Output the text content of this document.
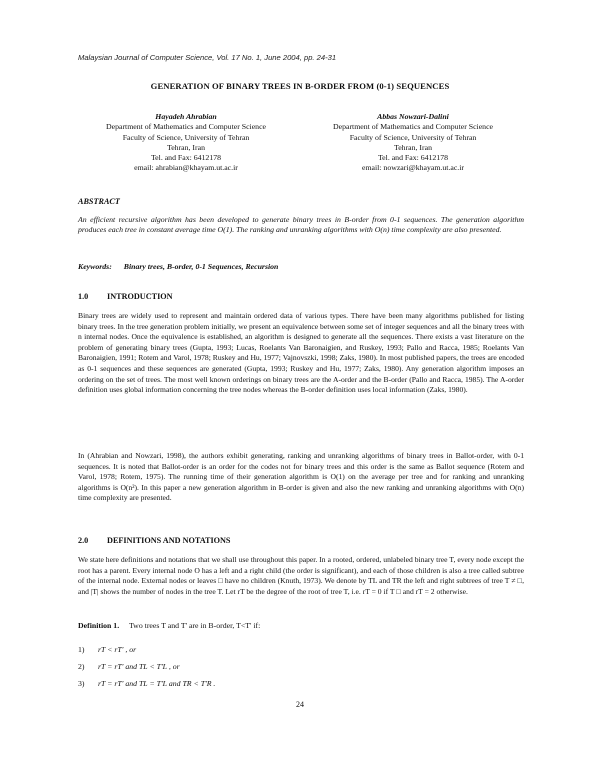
Malaysian Journal of Computer Science, Vol. 17 No. 1, June 2004, pp. 24-31
GENERATION OF BINARY TREES IN B-ORDER FROM (0-1) SEQUENCES
Hayadeh Ahrabian
Department of Mathematics and Computer Science
Faculty of Science, University of Tehran
Tehran, Iran
Tel. and Fax: 6412178
email: ahrabian@khayam.ut.ac.ir
Abbas Nowzari-Dalini
Department of Mathematics and Computer Science
Faculty of Science, University of Tehran
Tehran, Iran
Tel. and Fax: 6412178
email: nowzari@khayam.ut.ac.ir
ABSTRACT
An efficient recursive algorithm has been developed to generate binary trees in B-order from 0-1 sequences. The generation algorithm produces each tree in constant average time O(1). The ranking and unranking algorithms with O(n) time complexity are also presented.
Keywords: Binary trees, B-order, 0-1 Sequences, Recursion
1.0 INTRODUCTION
Binary trees are widely used to represent and maintain ordered data of various types. There have been many algorithms published for listing binary trees. In the tree generation problem initially, we present an equivalence between some set of integer sequences and all the binary trees with n internal nodes. Once the equivalence is established, an algorithm is designed to generate all the sequences. There exists a vast literature on the problem of generating binary trees (Gupta, 1993; Lucas, Roelants Van Baronaigien, and Ruskey, 1993; Pallo and Racca, 1985; Roelants Van Baronaigien, 1991; Rotem and Varol, 1978; Ruskey and Hu, 1977; Vajnovszki, 1998; Zaks, 1980). In most published papers, the trees are encoded as 0-1 sequences and these sequences are generated (Gupta, 1993; Ruskey and Hu, 1977; Zaks, 1980). Any generation algorithm imposes an ordering on the set of trees. The most well known orderings on binary trees are the A-order and the B-order (Pallo and Racca, 1985). The A-order definition uses global information concerning the tree nodes whereas the B-order definition uses local information (Zaks, 1980).
In (Ahrabian and Nowzari, 1998), the authors exhibit generating, ranking and unranking algorithms of binary trees in Ballot-order, with 0-1 sequences. It is noted that Ballot-order is an order for the codes not for binary trees and this order is the same as Ballot sequence (Rotem and Varol, 1978; Rotem, 1975). The running time of their generation algorithm is O(1) on the average per tree and for ranking and unranking algorithms is O(n²). In this paper a new generation algorithm in B-order is given and also the new ranking and unranking algorithms with O(n) time complexity are presented.
2.0 DEFINITIONS AND NOTATIONS
We state here definitions and notations that we shall use throughout this paper. In a rooted, ordered, unlabeled binary tree T, every node except the root has a parent. Every internal node O has a left and a right child (the order is significant), and each of those children is also a tree called subtree of the internal node. External nodes or leaves □ have no children (Knuth, 1973). We denote by TL and TR the left and right subtrees of tree T ≠ □, and |T| shows the number of nodes in the tree T. Let rT be the degree of the root of tree T, i.e. rT = 0 if T □ and rT = 2 otherwise.
Definition 1. Two trees T and T' are in B-order, T<T' if:
1) rT < rT' , or
2) rT = rT' and TL < T'L , or
3) rT = rT' and TL = T'L and TR < T'R .
24
